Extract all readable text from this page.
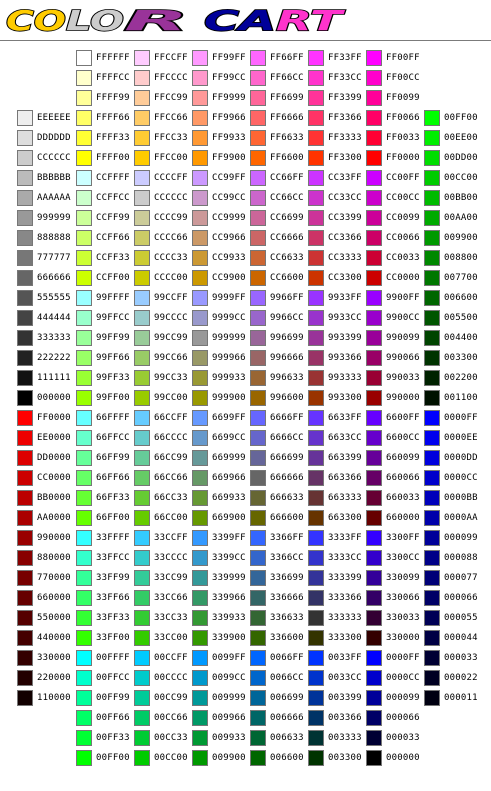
CO LO R CA RT
EEEEEE
DDDDDD
CCCCCC
BBBBBB
AAAAAA
999999
888888
777777
666666
555555
444444
333333
222222
111111
000000
FF0000
EE0000
DD0000
CC0000
BB0000
AA0000
990000
880000
770000
660000
550000
440000
330000
220000
110000
FFFFFF
FFFFCC
FFFF99
FFFF66
FFFF33
FFFF00
CCFFFF
CCFFCC
CCFF99
CCFF66
CCFF33
CCFF00
99FFFF
99FFCC
99FF99
99FF66
99FF33
99FF00
66FFFF
66FFCC
66FF99
66FF66
66FF33
66FF00
33FFFF
33FFCC
33FF99
33FF66
33FF33
33FF00
00FFFF
00FFCC
00FF99
00FF66
00FF33
00FF00
FFCCFF
FFCCCC
FFCC99
FFCC66
FFCC33
FFCC00
CCCCFF
CCCCCC
CCCC99
CCCC66
CCCC33
CCCC00
99CCFF
99CCCC
99CC99
99CC66
99CC33
99CC00
66CCFF
66CCCC
66CC99
66CC66
66CC33
66CC00
33CCFF
33CCCC
33CC99
33CC66
33CC33
33CC00
00CCFF
00CCCC
00CC99
00CC66
00CC33
00CC00
FF99FF
FF99CC
FF9999
FF9966
FF9933
FF9900
CC99FF
CC99CC
CC9999
CC9966
CC9933
CC9900
9999FF
9999CC
999999
999966
999933
999900
6699FF
6699CC
669999
669966
669933
669900
3399FF
3399CC
339999
339966
339933
339900
0099FF
0099CC
009999
009966
009933
009900
FF66FF
FF66CC
FF6699
FF6666
FF6633
FF6600
CC66FF
CC66CC
CC6699
CC6666
CC6633
CC6600
9966FF
9966CC
996699
996666
996633
996600
6666FF
6666CC
666699
666666
666633
666600
3366FF
3366CC
336699
336666
336633
336600
0066FF
0066CC
006699
006666
006633
006600
FF33FF
FF33CC
FF3399
FF3366
FF3333
FF3300
CC33FF
CC33CC
CC3399
CC3366
CC3333
CC3300
9933FF
9933CC
993399
993366
993333
993300
6633FF
6633CC
663399
663366
663333
663300
3333FF
3333CC
333399
333366
333333
333300
0033FF
0033CC
003399
003366
003333
003300
FF00FF
FF00CC
FF0099
FF0066
FF0033
FF0000
CC00FF
CC00CC
CC0099
CC0066
CC0033
CC0000
9900FF
9900CC
990099
990066
990033
990000
6600FF
6600CC
660099
660066
660033
660000
3300FF
3300CC
330099
330066
330033
330000
0000FF
0000CC
000099
000066
000033
000000
00FF00
00EE00
00DD00
00CC00
00BB00
00AA00
009900
008800
007700
006600
005500
004400
003300
002200
001100
0000FF
0000EE
0000DD
0000CC
0000BB
0000AA
000099
000088
000077
000066
000055
000044
000033
000022
000011
